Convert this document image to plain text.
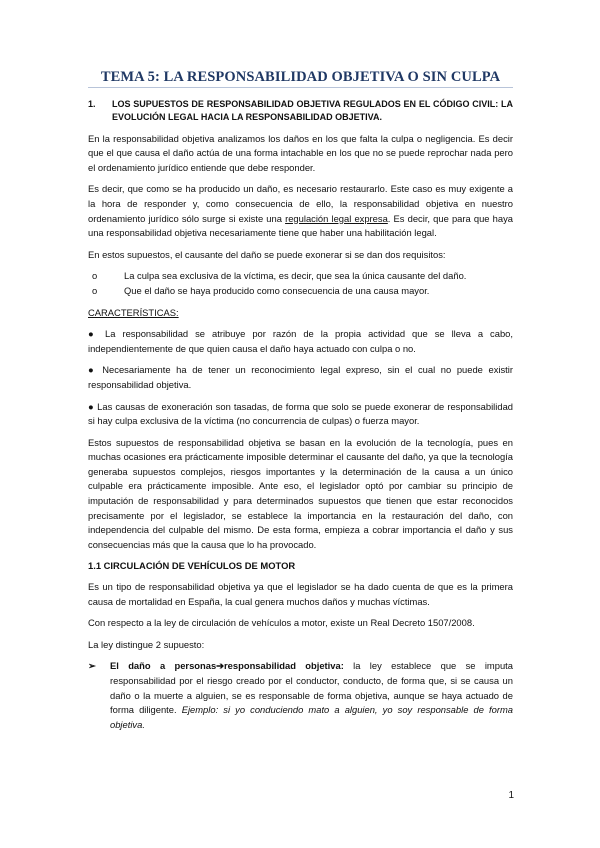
TEMA 5: LA RESPONSABILIDAD OBJETIVA O SIN CULPA
1.	LOS SUPUESTOS DE RESPONSABILIDAD OBJETIVA REGULADOS EN EL CÓDIGO CIVIL: LA EVOLUCIÓN LEGAL HACIA LA RESPONSABILIDAD OBJETIVA.

En la responsabilidad objetiva analizamos los daños en los que falta la culpa o negligencia. Es decir que el que causa el daño actúa de una forma intachable en los que no se puede reprochar nada pero el ordenamiento jurídico entiende que debe responder.

Es decir, que como se ha producido un daño, es necesario restaurarlo. Este caso es muy exigente a la hora de responder y, como consecuencia de ello, la responsabilidad objetiva en nuestro ordenamiento jurídico sólo surge si existe una regulación legal expresa. Es decir, que para que haya una responsabilidad objetiva necesariamente tiene que haber una habilitación legal.

En estos supuestos, el causante del daño se puede exonerar si se dan dos requisitos:

o	La culpa sea exclusiva de la víctima, es decir, que sea la única causante del daño.
o	Que el daño se haya producido como consecuencia de una causa mayor.
CARACTERÍSTICAS:
● La responsabilidad se atribuye por razón de la propia actividad que se lleva a cabo, independientemente de que quien causa el daño haya actuado con culpa o no.
● Necesariamente ha de tener un reconocimiento legal expreso, sin el cual no puede existir responsabilidad objetiva.
● Las causas de exoneración son tasadas, de forma que solo se puede exonerar de responsabilidad si hay culpa exclusiva de la víctima (no concurrencia de culpas) o fuerza mayor.

Estos supuestos de responsabilidad objetiva se basan en la evolución de la tecnología, pues en muchas ocasiones era prácticamente imposible determinar el causante del daño, ya que la tecnología generaba supuestos complejos, riesgos importantes y la determinación de la causa a un único culpable era prácticamente imposible. Ante eso, el legislador optó por cambiar su principio de imputación de responsabilidad y para determinados supuestos que tienen que estar reconocidos precisamente por el legislador, se establece la importancia en la restauración del daño, con independencia del culpable del mismo. De esta forma, empieza a cobrar importancia el daño y sus consecuencias más que la causa que lo ha provocado.

1.1 CIRCULACIÓN DE VEHÍCULOS DE MOTOR

Es un tipo de responsabilidad objetiva ya que el legislador se ha dado cuenta de que es la primera causa de mortalidad en España, la cual genera muchos daños y muchas víctimas.

Con respecto a la ley de circulación de vehículos a motor, existe un Real Decreto 1507/2008.

La ley distingue 2 supuesto:

➢	El daño a personas➔responsabilidad objetiva: la ley establece que se imputa responsabilidad por el riesgo creado por el conductor, conducto, de forma que, si se causa un daño o la muerte a alguien, se es responsable de forma objetiva, aunque se haya actuado de forma diligente. Ejemplo: si yo conduciendo mato a alguien, yo soy responsable de forma objetiva.
1
